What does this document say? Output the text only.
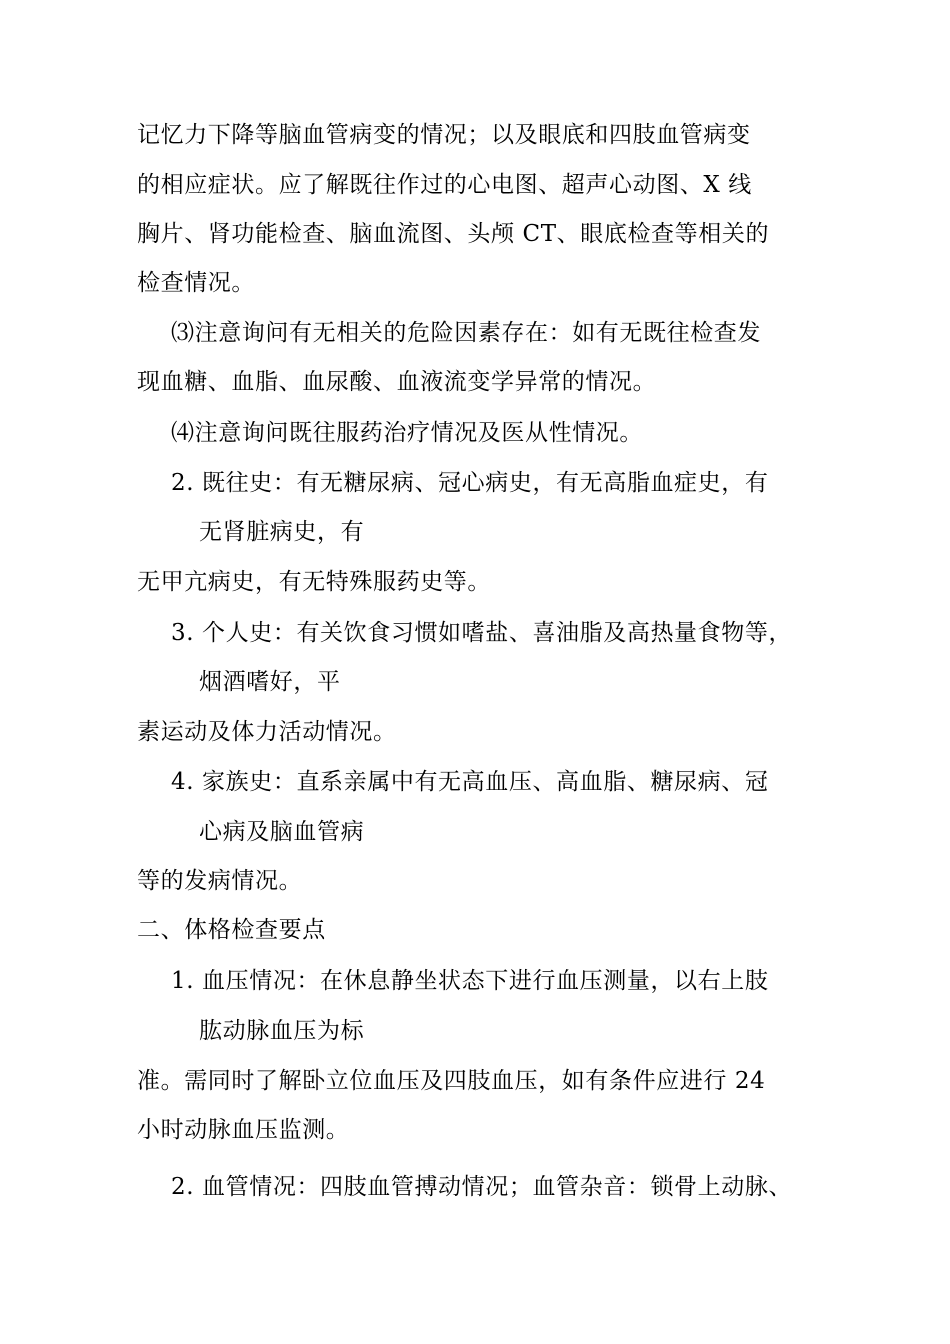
记忆力下降等脑血管病变的情况；以及眼底和四肢血管病变
的相应症状。应了解既往作过的心电图、超声心动图、X 线
胸片、肾功能检查、脑血流图、头颅 CT、眼底检查等相关的
检查情况。
⑶注意询问有无相关的危险因素存在：如有无既往检查发
现血糖、血脂、血尿酸、血液流变学异常的情况。
⑷注意询问既往服药治疗情况及医从性情况。
2. 既往史：有无糖尿病、冠心病史，有无高脂血症史，有
无肾脏病史，有
无甲亢病史，有无特殊服药史等。
3. 个人史：有关饮食习惯如嗜盐、喜油脂及高热量食物等，
烟酒嗜好，平
素运动及体力活动情况。
4. 家族史：直系亲属中有无高血压、高血脂、糖尿病、冠
心病及脑血管病
等的发病情况。
二、体格检查要点
1. 血压情况：在休息静坐状态下进行血压测量，以右上肢
肱动脉血压为标
准。需同时了解卧立位血压及四肢血压，如有条件应进行 24
小时动脉血压监测。
2. 血管情况：四肢血管搏动情况；血管杂音：锁骨上动脉、
